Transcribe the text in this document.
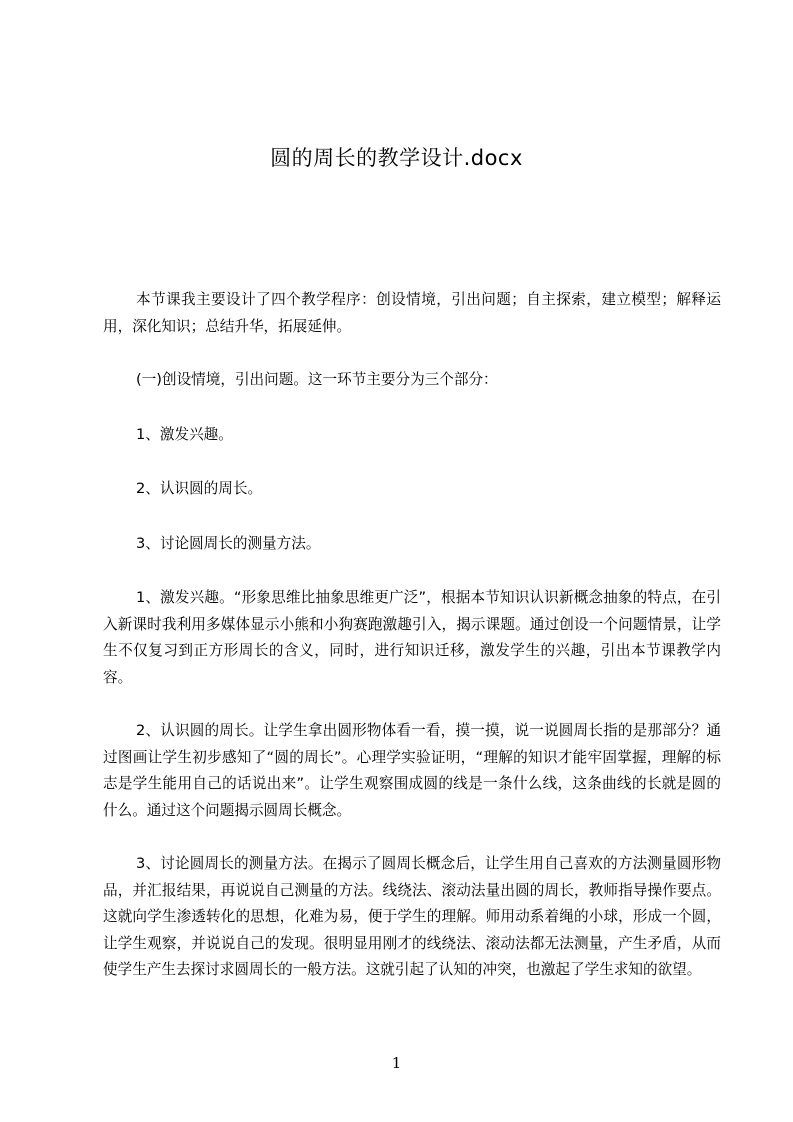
圆的周长的教学设计.docx

本节课我主要设计了四个教学程序：创设情境，引出问题；自主探索，建立模型；解释运用，深化知识；总结升华，拓展延伸。

(一)创设情境，引出问题。这一环节主要分为三个部分：

1、激发兴趣。

2、认识圆的周长。

3、讨论圆周长的测量方法。

1、激发兴趣。“形象思维比抽象思维更广泛”，根据本节知识认识新概念抽象的特点，在引入新课时我利用多媒体显示小熊和小狗赛跑激趣引入，揭示课题。通过创设一个问题情景，让学生不仅复习到正方形周长的含义，同时，进行知识迁移，激发学生的兴趣，引出本节课教学内容。

2、认识圆的周长。让学生拿出圆形物体看一看，摸一摸，说一说圆周长指的是那部分？通过图画让学生初步感知了“圆的周长”。心理学实验证明，“理解的知识才能牢固掌握，理解的标志是学生能用自己的话说出来”。让学生观察围成圆的线是一条什么线，这条曲线的长就是圆的什么。通过这个问题揭示圆周长概念。

3、讨论圆周长的测量方法。在揭示了圆周长概念后，让学生用自己喜欢的方法测量圆形物品，并汇报结果，再说说自己测量的方法。线绕法、滚动法量出圆的周长，教师指导操作要点。这就向学生渗透转化的思想，化难为易，便于学生的理解。师用动系着绳的小球，形成一个圆，让学生观察，并说说自己的发现。很明显用刚才的线绕法、滚动法都无法测量，产生矛盾，从而使学生产生去探讨求圆周长的一般方法。这就引起了认知的冲突，也激起了学生求知的欲望。

1
